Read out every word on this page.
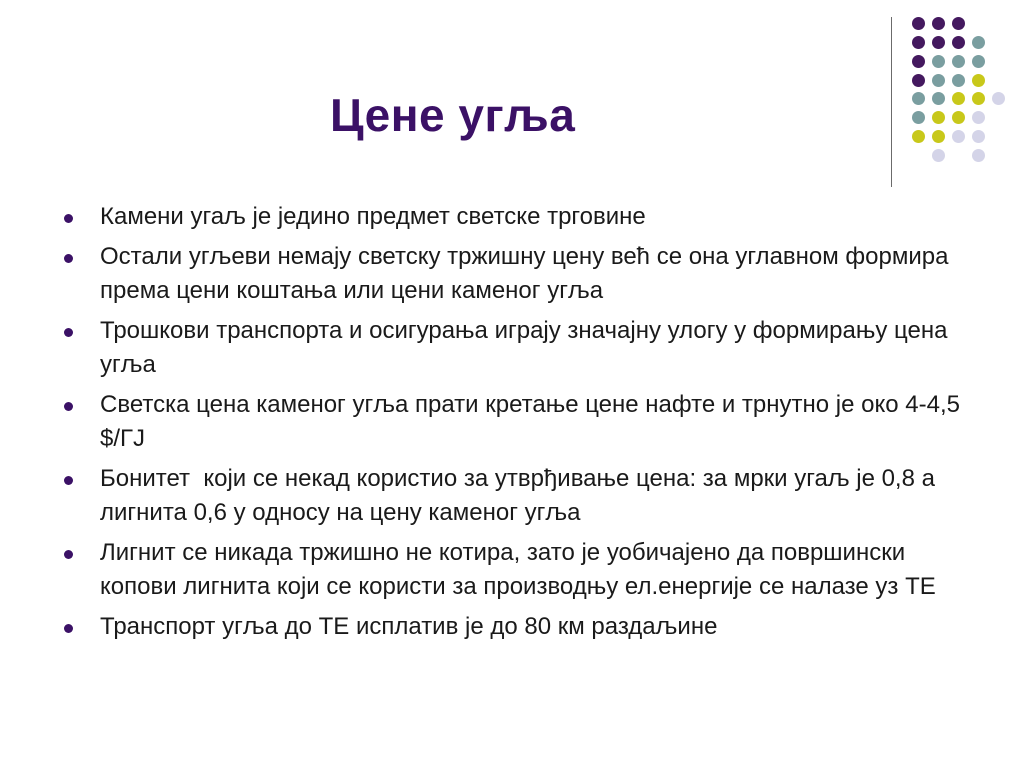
Цене угља
Камени угаљ је једино предмет светске трговине
Остали угљеви немају светску тржишну цену већ се она углавном формира према цени коштања или цени каменог угља
Трошкови транспорта и осигурања играју значајну улогу у формирању цена угља
Светска цена каменог угља прати кретање цене нафте и трнутно је око 4-4,5 $/ГЈ
Бонитет  који се некад користио за утврђивање цена: за мрки угаљ је 0,8 а лигнита 0,6 у односу на цену каменог угља
Лигнит се никада тржишно не котира, зато је уобичајено да површински копови лигнита који се користи за производњу ел.енергије се налазе уз ТЕ
Транспорт угља до ТЕ исплатив је до 80 км раздаљине
